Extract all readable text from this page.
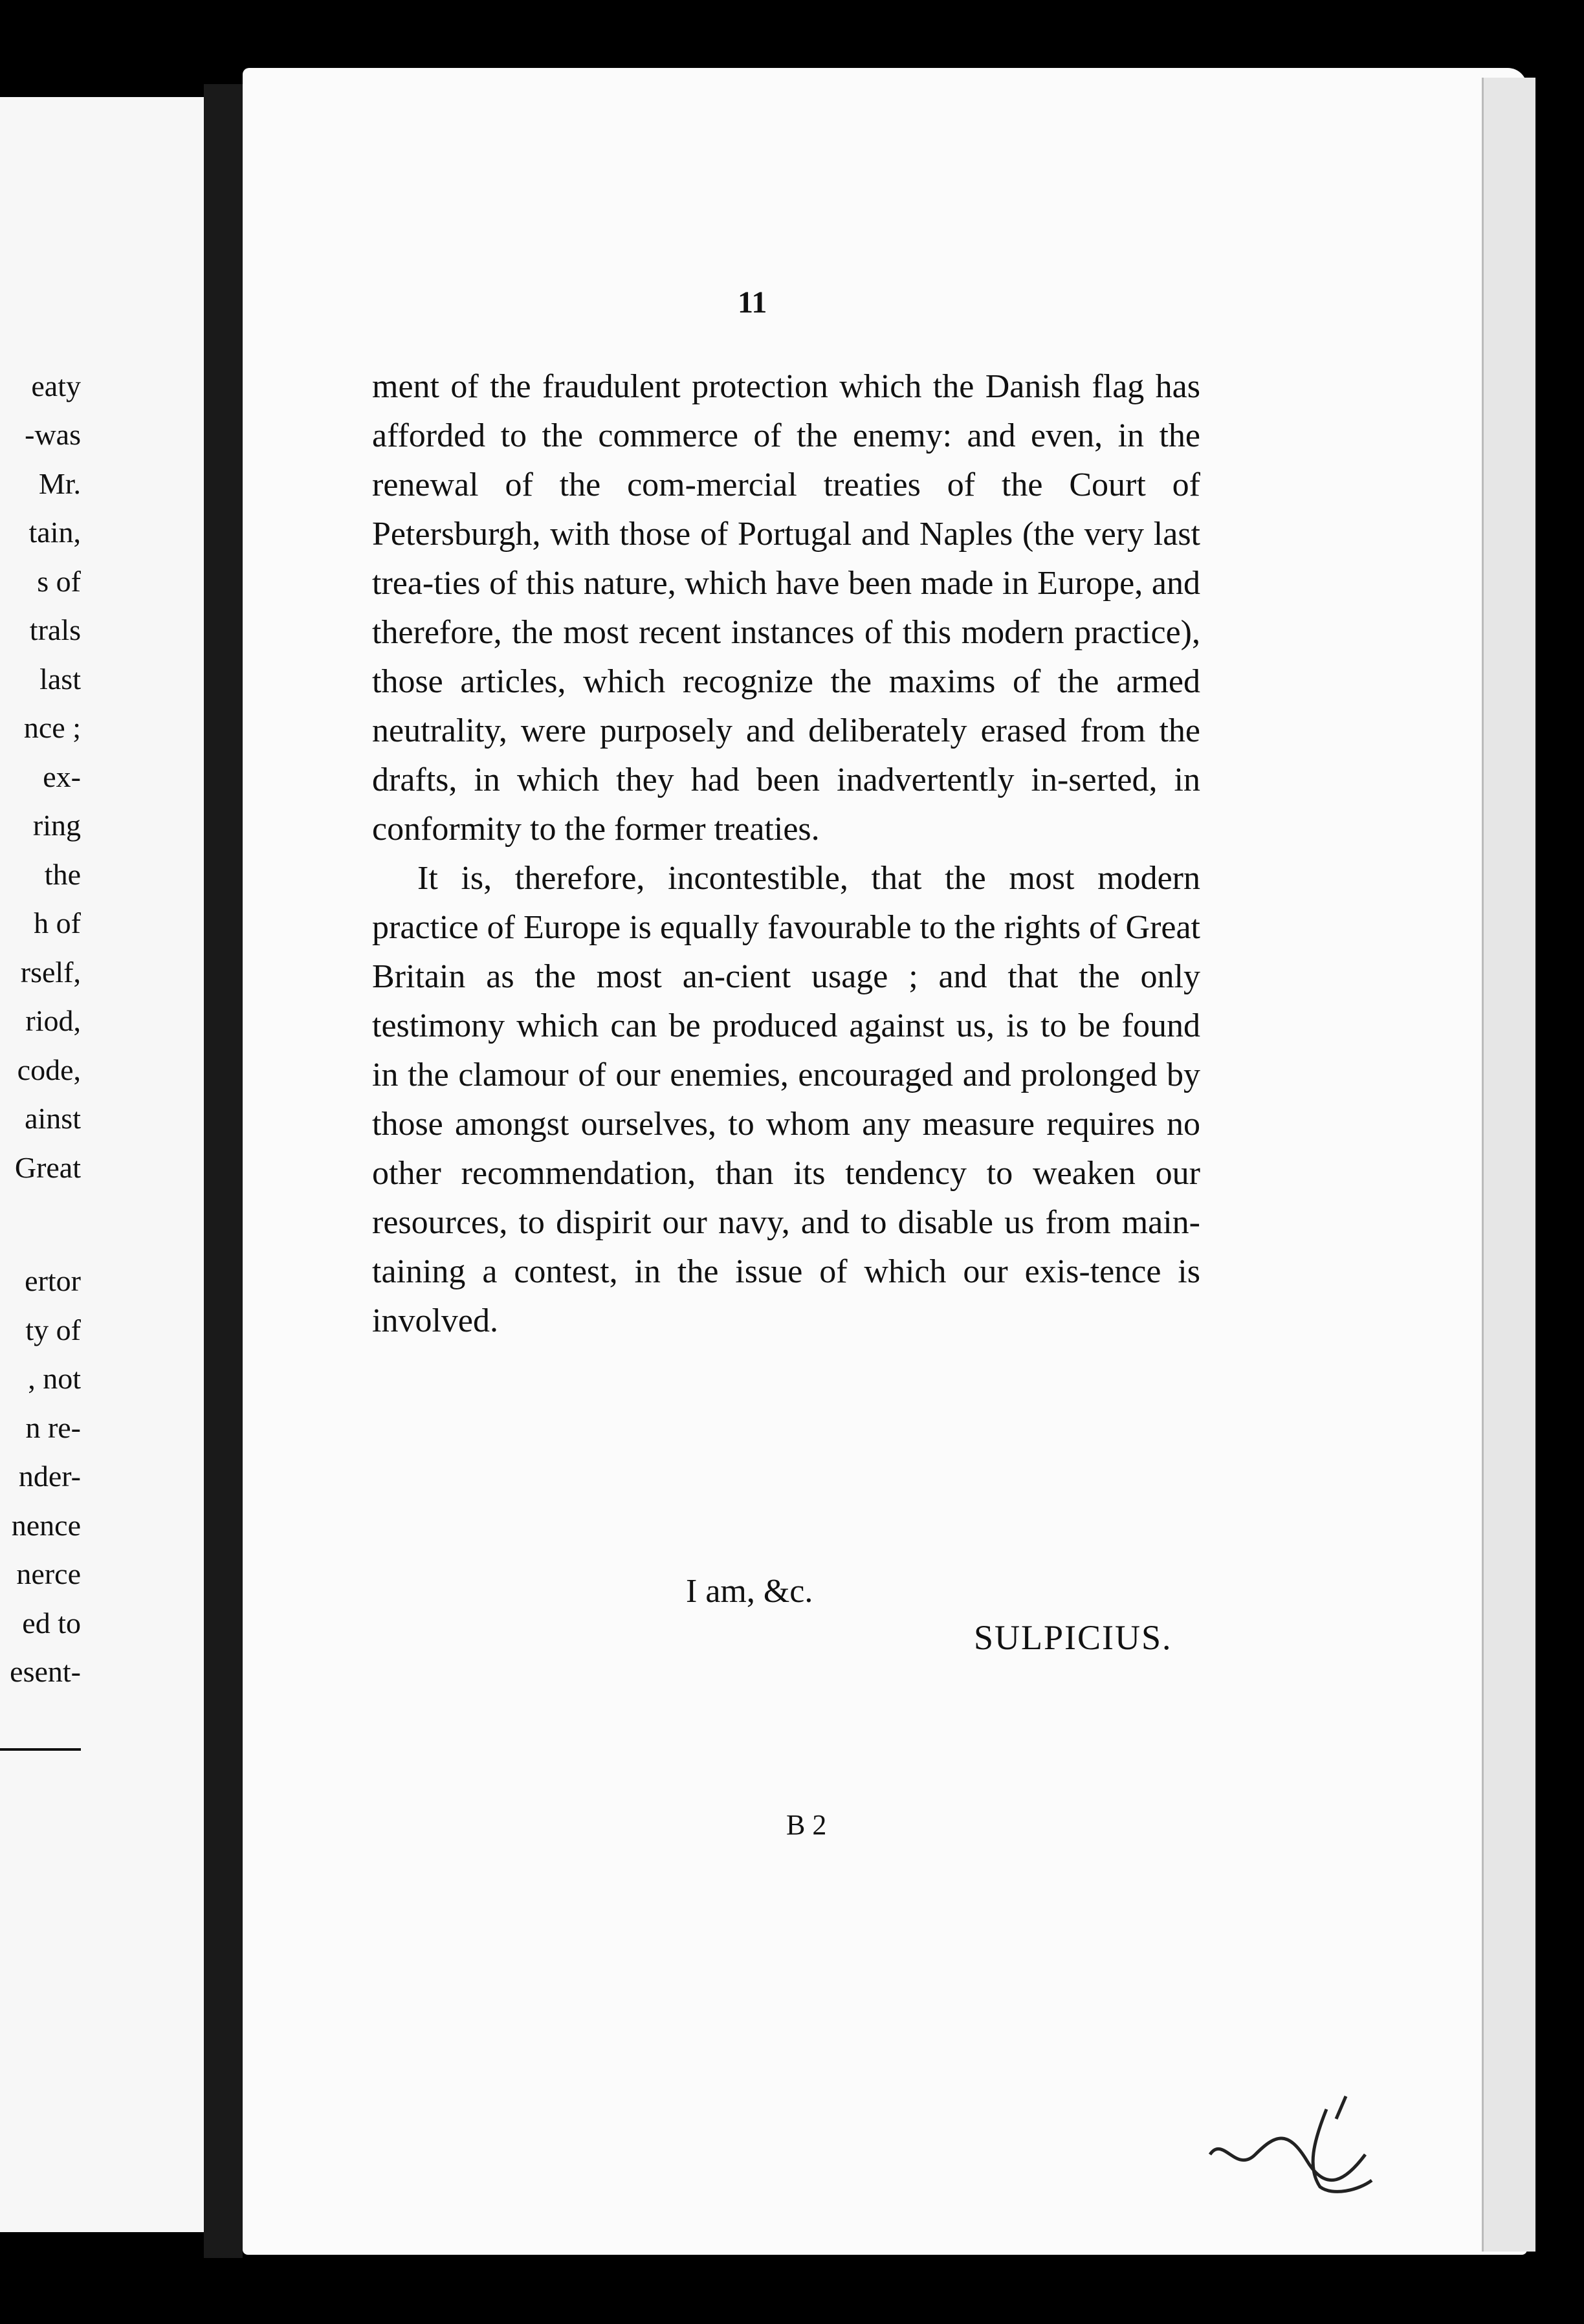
eaty
-was
Mr.
tain,
s of
trals
last
nce ;
ex-
ring
the
h of
rself,
riod,
code,
ainst
Great
ertor
ty of
, not
n re-
nder-
nence
nerce
ed to
esent-
11

ment of the fraudulent protection which the Danish flag has afforded to the commerce of the enemy: and even, in the renewal of the com-mercial treaties of the Court of Petersburgh, with those of Portugal and Naples (the very last trea-ties of this nature, which have been made in Europe, and therefore, the most recent instances of this modern practice), those articles, which recognize the maxims of the armed neutrality, were purposely and deliberately erased from the drafts, in which they had been inadvertently in-serted, in conformity to the former treaties.

It is, therefore, incontestible, that the most modern practice of Europe is equally favourable to the rights of Great Britain as the most an-cient usage ; and that the only testimony which can be produced against us, is to be found in the clamour of our enemies, encouraged and prolonged by those amongst ourselves, to whom any measure requires no other recommendation, than its tendency to weaken our resources, to dispirit our navy, and to disable us from main-taining a contest, in the issue of which our exis-tence is involved.

I am, &c.
SULPICIUS.
B 2
